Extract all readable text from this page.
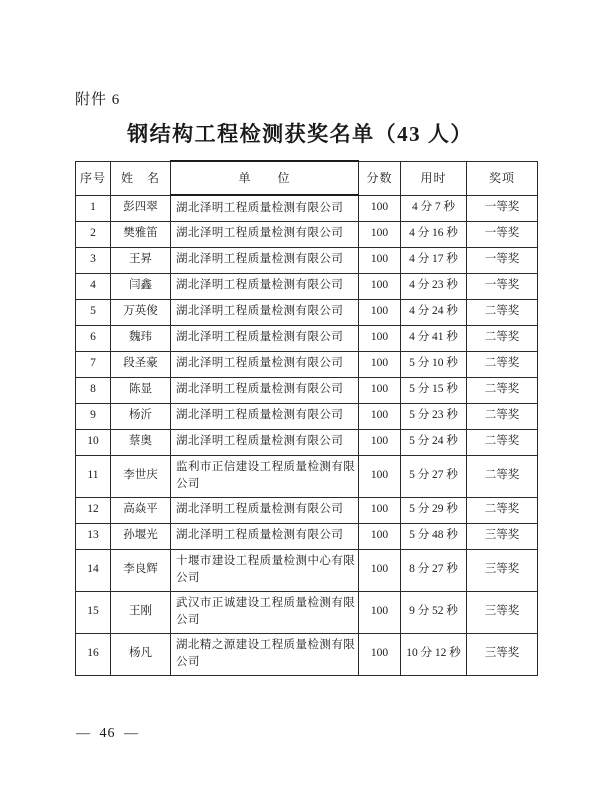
附件 6
钢结构工程检测获奖名单（43 人）
序号	姓　名	单　　位	分数	用时	奖项
1	彭四翠	湖北泽明工程质量检测有限公司	100	4 分 7 秒	一等奖
2	樊雅笛	湖北泽明工程质量检测有限公司	100	4 分 16 秒	一等奖
3	王昇	湖北泽明工程质量检测有限公司	100	4 分 17 秒	一等奖
4	闫鑫	湖北泽明工程质量检测有限公司	100	4 分 23 秒	一等奖
5	万英俊	湖北泽明工程质量检测有限公司	100	4 分 24 秒	二等奖
6	魏玮	湖北泽明工程质量检测有限公司	100	4 分 41 秒	二等奖
7	段圣豪	湖北泽明工程质量检测有限公司	100	5 分 10 秒	二等奖
8	陈显	湖北泽明工程质量检测有限公司	100	5 分 15 秒	二等奖
9	杨沂	湖北泽明工程质量检测有限公司	100	5 分 23 秒	二等奖
10	蔡奥	湖北泽明工程质量检测有限公司	100	5 分 24 秒	二等奖
11	李世庆	监利市正信建设工程质量检测有限公司	100	5 分 27 秒	二等奖
12	高焱平	湖北泽明工程质量检测有限公司	100	5 分 29 秒	二等奖
13	孙堰光	湖北泽明工程质量检测有限公司	100	5 分 48 秒	三等奖
14	李良辉	十堰市建设工程质量检测中心有限公司	100	8 分 27 秒	三等奖
15	王刚	武汉市正诚建设工程质量检测有限公司	100	9 分 52 秒	三等奖
16	杨凡	湖北精之源建设工程质量检测有限公司	100	10 分 12 秒	三等奖
— 46 —
